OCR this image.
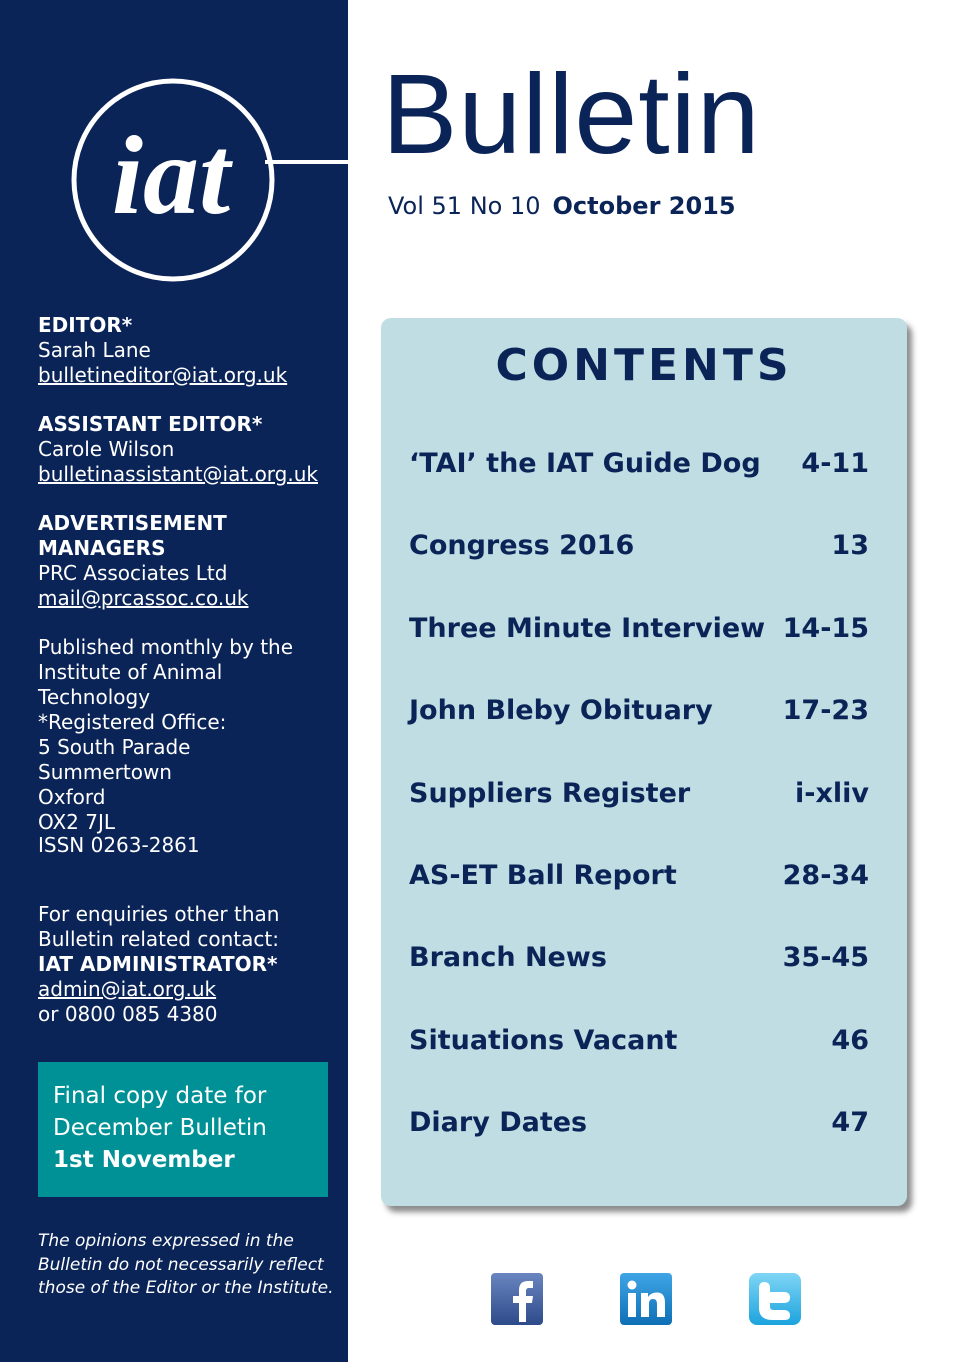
iat
EDITOR*
Sarah Lane
bulletineditor@iat.org.uk
ASSISTANT EDITOR*
Carole Wilson
bulletinassistant@iat.org.uk
ADVERTISEMENT
MANAGERS
PRC Associates Ltd
mail@prcassoc.co.uk
Published monthly by the
Institute of Animal Technology
*Registered Office:
5 South Parade
Summertown
Oxford
OX2 7JL
ISSN 0263-2861
For enquiries other than
Bulletin related contact:
IAT ADMINISTRATOR*
admin@iat.org.uk
or 0800 085 4380
Final copy date for
December Bulletin
1st November
The opinions expressed in the Bulletin do not necessarily reflect those of the Editor or the Institute.
Bulletin
Vol 51 No 10 October 2015
CONTENTS
‘TAI’ the IAT Guide Dog 4-11
Congress 2016	13
Three Minute Interview 14-15
John Bleby Obituary	17-23
Suppliers Register	i-xliv
AS-ET Ball Report	28-34
Branch News	35-45
Situations Vacant	46
Diary Dates	47
